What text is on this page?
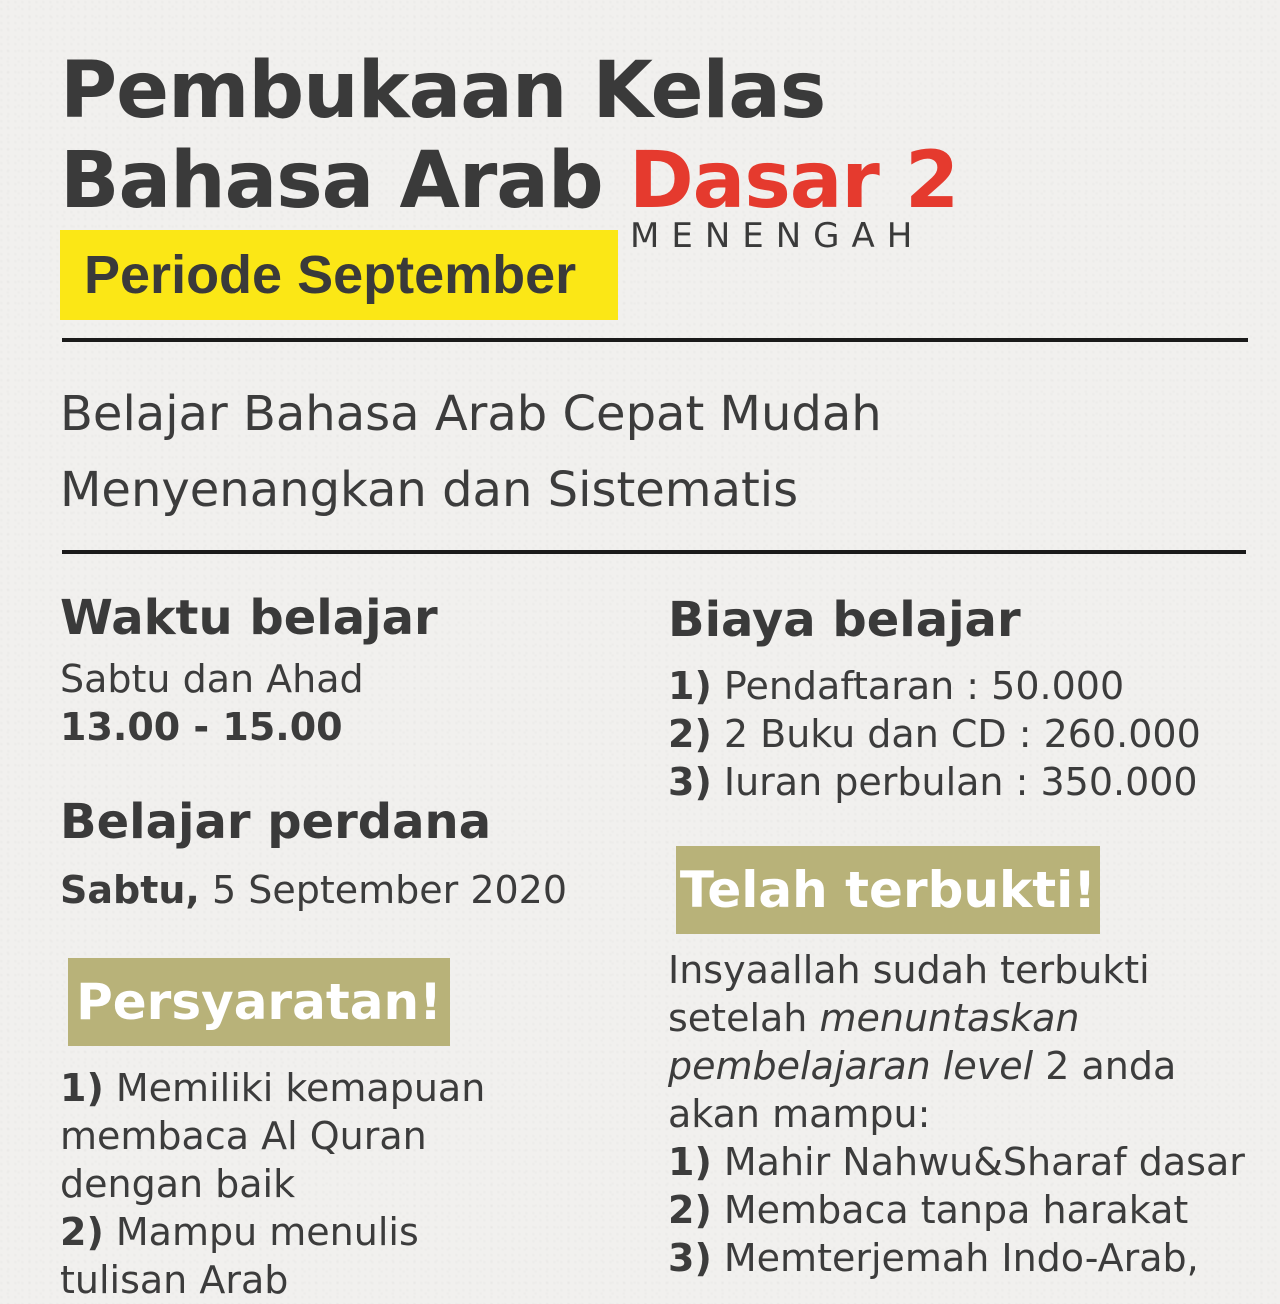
Pembukaan Kelas
Bahasa Arab Dasar 2
MENENGAH
Periode September
Belajar Bahasa Arab Cepat Mudah
Menyenangkan dan Sistematis
Waktu belajar
Sabtu dan Ahad
13.00 - 15.00
Belajar perdana
Sabtu, 5 September 2020
Persyaratan!
1) Memiliki kemapuan membaca Al Quran dengan baik
2) Mampu menulis tulisan Arab
Biaya belajar
1) Pendaftaran : 50.000
2) 2 Buku dan CD : 260.000
3) Iuran perbulan : 350.000
Telah terbukti!
Insyaallah sudah terbukti setelah menuntaskan pembelajaran level 2 anda akan mampu:
1) Mahir Nahwu&Sharaf dasar
2) Membaca tanpa harakat
3) Memterjemah Indo-Arab,
